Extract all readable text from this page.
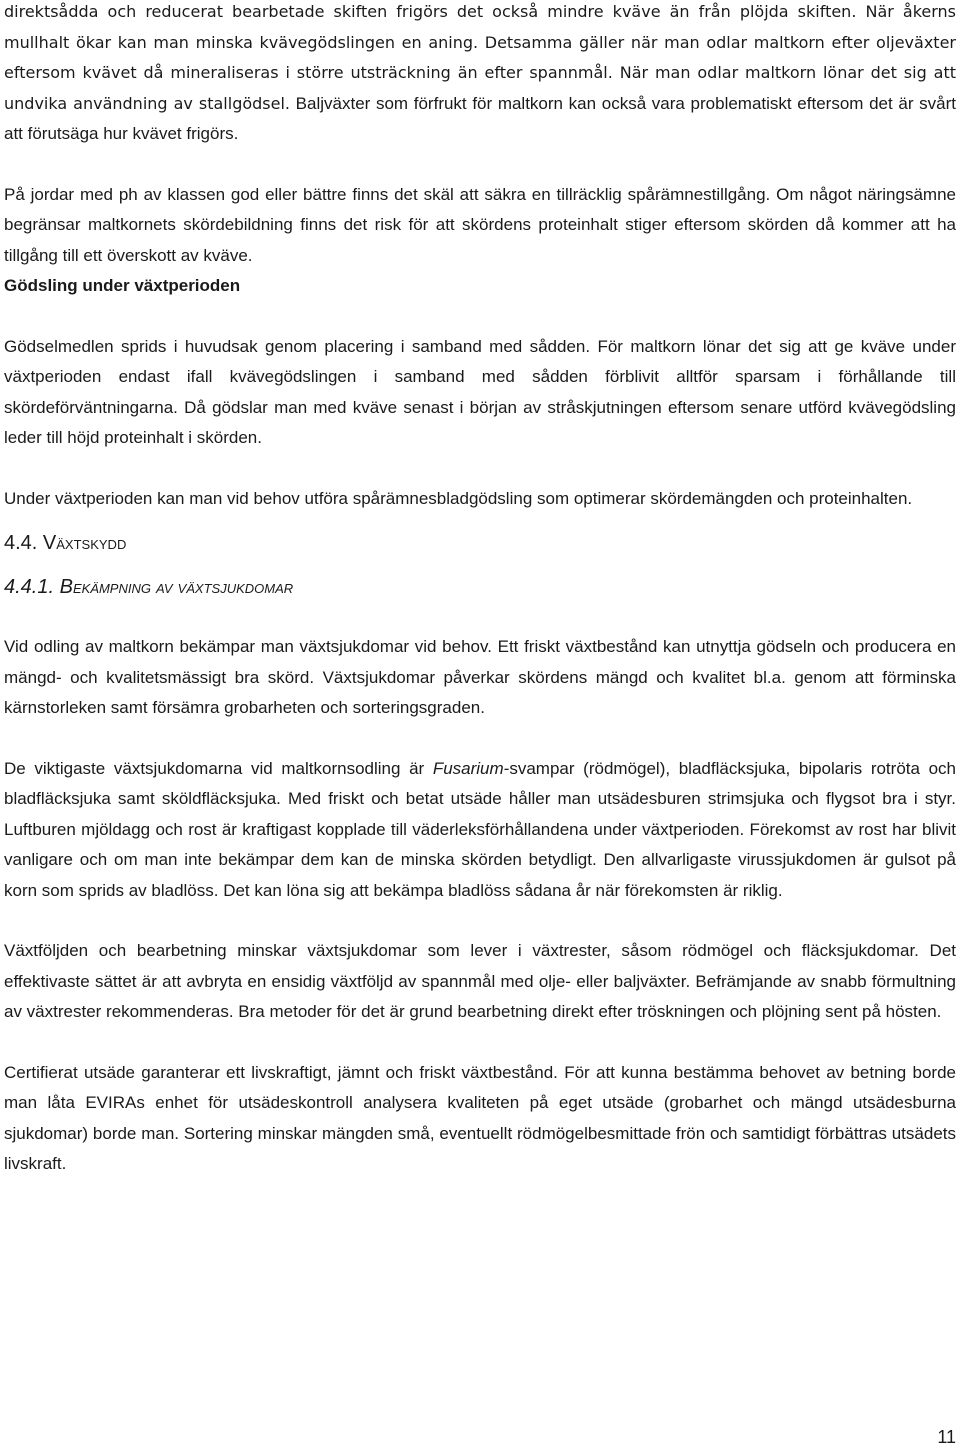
direktsådda och reducerat bearbetade skiften frigörs det också mindre kväve än från plöjda skiften. När åkerns mullhalt ökar kan man minska kvävegödslingen en aning. Detsamma gäller när man odlar maltkorn efter oljeväxter eftersom kvävet då mineraliseras i större utsträckning än efter spannmål. När man odlar maltkorn lönar det sig att undvika användning av stallgödsel. Baljväxter som förfrukt för maltkorn kan också vara problematiskt eftersom det är svårt att förutsäga hur kvävet frigörs.

På jordar med ph av klassen god eller bättre finns det skäl att säkra en tillräcklig spårämnestillgång. Om något näringsämne begränsar maltkornets skördebildning finns det risk för att skördens proteinhalt stiger eftersom skörden då kommer att ha tillgång till ett överskott av kväve.

Gödsling under växtperioden

Gödselmedlen sprids i huvudsak genom placering i samband med sådden. För maltkorn lönar det sig att ge kväve under växtperioden endast ifall kvävegödslingen i samband med sådden förblivit alltför sparsam i förhållande till skördeförväntningarna. Då gödslar man med kväve senast i början av stråskjutningen eftersom senare utförd kvävegödsling leder till höjd proteinhalt i skörden.

Under växtperioden kan man vid behov utföra spårämnesbladgödsling som optimerar skördemängden och proteinhalten.

4.4. Växtskydd

4.4.1. Bekämpning av växtsjukdomar

Vid odling av maltkorn bekämpar man växtsjukdomar vid behov. Ett friskt växtbestånd kan utnyttja gödseln och producera en mängd- och kvalitetsmässigt bra skörd. Växtsjukdomar påverkar skördens mängd och kvalitet bl.a. genom att förminska kärnstorleken samt försämra grobarheten och sorteringsgraden.

De viktigaste växtsjukdomarna vid maltkornsodling är Fusarium-svampar (rödmögel), bladfläcksjuka, bipolaris rotröta och bladfläcksjuka samt sköldfläcksjuka. Med friskt och betat utsäde håller man utsädesburen strimsjuka och flygsot bra i styr. Luftburen mjöldagg och rost är kraftigast kopplade till väderleksförhållandena under växtperioden. Förekomst av rost har blivit vanligare och om man inte bekämpar dem kan de minska skörden betydligt. Den allvarligaste virussjukdomen är gulsot på korn som sprids av bladlöss. Det kan löna sig att bekämpa bladlöss sådana år när förekomsten är riklig.

Växtföljden och bearbetning minskar växtsjukdomar som lever i växtrester, såsom rödmögel och fläcksjukdomar. Det effektivaste sättet är att avbryta en ensidig växtföljd av spannmål med olje- eller baljväxter. Befrämjande av snabb förmultning av växtrester rekommenderas. Bra metoder för det är grund bearbetning direkt efter tröskningen och plöjning sent på hösten.

Certifierat utsäde garanterar ett livskraftigt, jämnt och friskt växtbestånd. För att kunna bestämma behovet av betning borde man låta EVIRAs enhet för utsädeskontroll analysera kvaliteten på eget utsäde (grobarhet och mängd utsädesburna sjukdomar) borde man. Sortering minskar mängden små, eventuellt rödmögelbesmittade frön och samtidigt förbättras utsädets livskraft.

11
